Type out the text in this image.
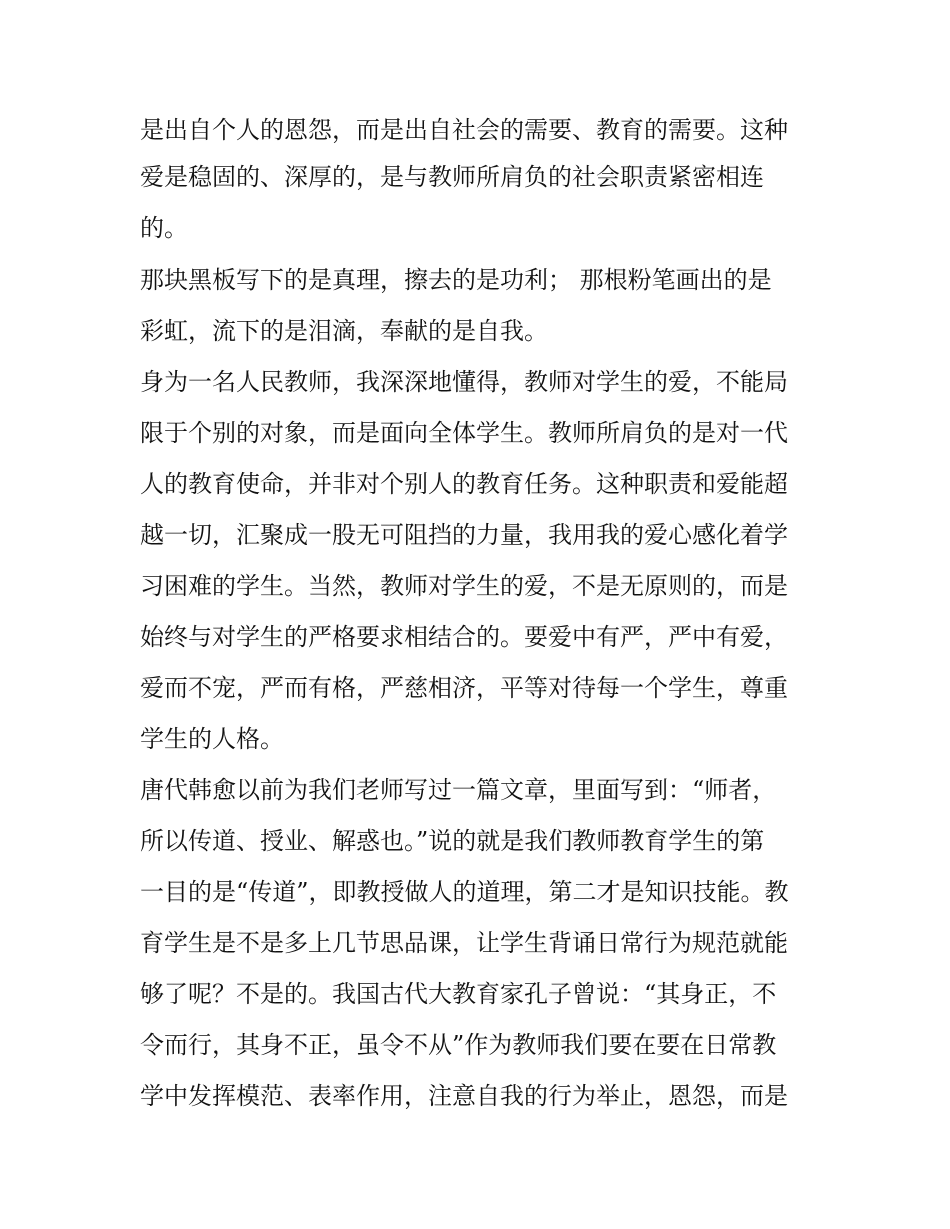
是出自个人的恩怨，而是出自社会的需要、教育的需要。这种
爱是稳固的、深厚的，是与教师所肩负的社会职责紧密相连
的。
那块黑板写下的是真理，擦去的是功利； 那根粉笔画出的是
彩虹，流下的是泪滴，奉献的是自我。
身为一名人民教师，我深深地懂得，教师对学生的爱，不能局
限于个别的对象，而是面向全体学生。教师所肩负的是对一代
人的教育使命，并非对个别人的教育任务。这种职责和爱能超
越一切，汇聚成一股无可阻挡的力量，我用我的爱心感化着学
习困难的学生。当然，教师对学生的爱，不是无原则的，而是
始终与对学生的严格要求相结合的。要爱中有严，严中有爱，
爱而不宠，严而有格，严慈相济，平等对待每一个学生，尊重
学生的人格。
唐代韩愈以前为我们老师写过一篇文章，里面写到：“师者，
所以传道、授业、解惑也。”说的就是我们教师教育学生的第
一目的是“传道”，即教授做人的道理，第二才是知识技能。教
育学生是不是多上几节思品课，让学生背诵日常行为规范就能
够了呢？不是的。我国古代大教育家孔子曾说：“其身正，不
令而行，其身不正，虽令不从”作为教师我们要在要在日常教
学中发挥模范、表率作用，注意自我的行为举止，恩怨，而是
